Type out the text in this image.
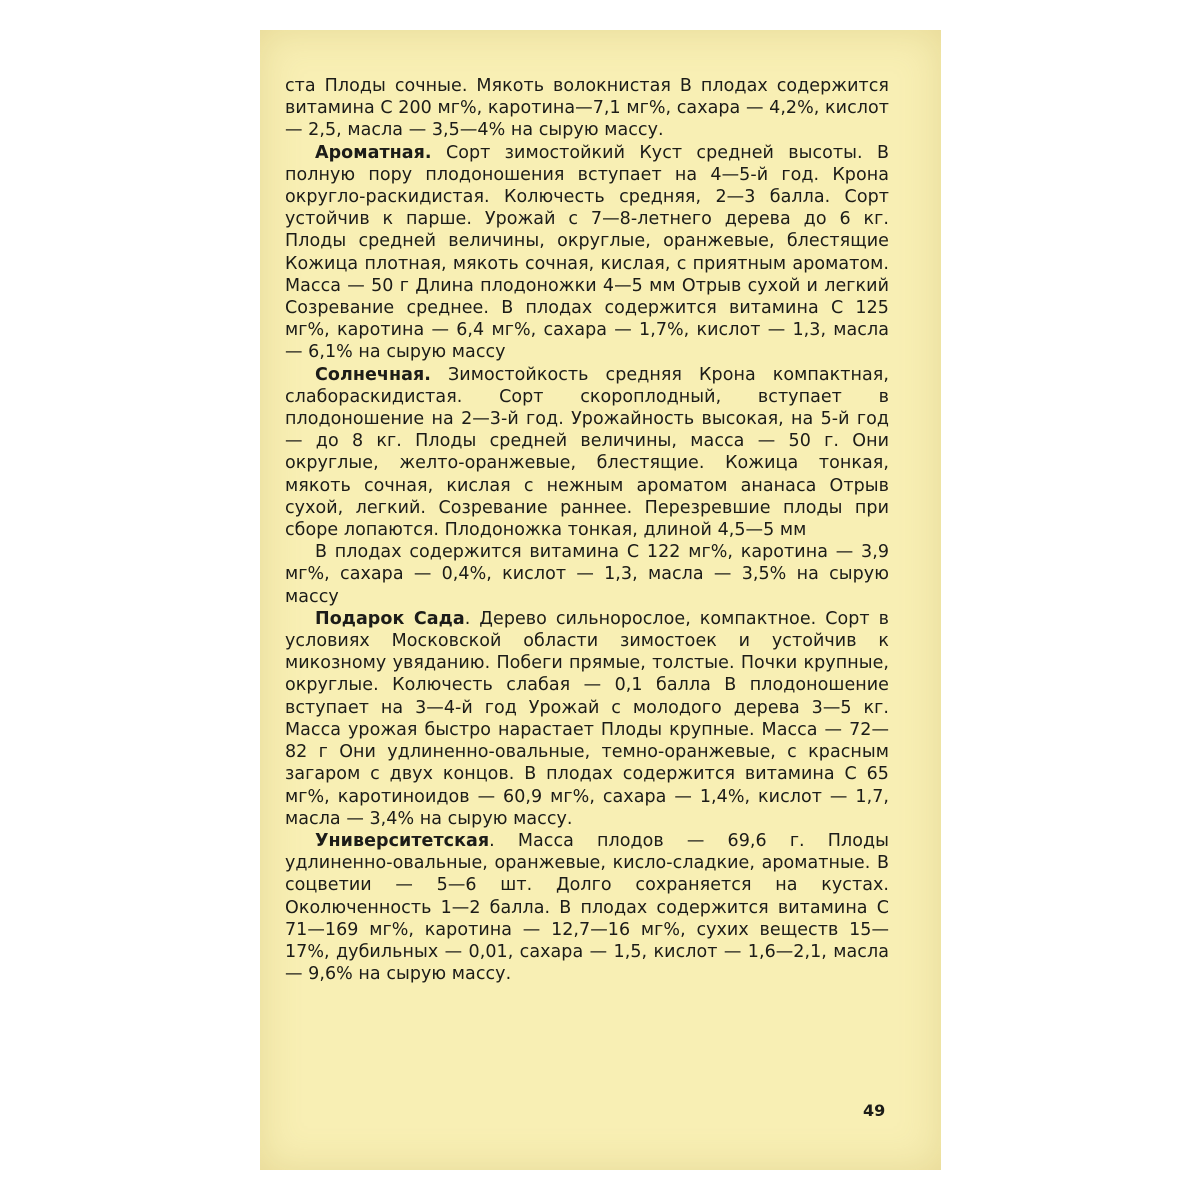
ста Плоды сочные. Мякоть волокнистая В плодах содержится витамина С 200 мг%, каротина—7,1 мг%, сахара — 4,2%, кислот — 2,5, масла — 3,5—4% на сырую массу.

Ароматная. Сорт зимостойкий Куст средней высоты. В полную пору плодоношения вступает на 4—5-й год. Крона округло-раскидистая. Колючесть средняя, 2—3 балла. Сорт устойчив к парше. Урожай с 7—8-летнего дерева до 6 кг. Плоды средней величины, округлые, оранжевые, блестящие Кожица плотная, мякоть сочная, кислая, с приятным ароматом. Масса — 50 г Длина плодоножки 4—5 мм Отрыв сухой и легкий Созревание среднее. В плодах содержится витамина С 125 мг%, каротина — 6,4 мг%, сахара — 1,7%, кислот — 1,3, масла — 6,1% на сырую массу

Солнечная. Зимостойкость средняя Крона компактная, слабораскидистая. Сорт скороплодный, вступает в плодоношение на 2—3-й год. Урожайность высокая, на 5-й год — до 8 кг. Плоды средней величины, масса — 50 г. Они округлые, желто-оранжевые, блестящие. Кожица тонкая, мякоть сочная, кислая с нежным ароматом ананаса Отрыв сухой, легкий. Созревание раннее. Перезревшие плоды при сборе лопаются. Плодоножка тонкая, длиной 4,5—5 мм

В плодах содержится витамина С 122 мг%, каротина — 3,9 мг%, сахара — 0,4%, кислот — 1,3, масла — 3,5% на сырую массу

Подарок Сада. Дерево сильнорослое, компактное. Сорт в условиях Московской области зимостоек и устойчив к микозному увяданию. Побеги прямые, толстые. Почки крупные, округлые. Колючесть слабая — 0,1 балла В плодоношение вступает на 3—4-й год Урожай с молодого дерева 3—5 кг. Масса урожая быстро нарастает Плоды крупные. Масса — 72—82 г Они удлиненно-овальные, темно-оранжевые, с красным загаром с двух концов. В плодах содержится витамина С 65 мг%, каротиноидов — 60,9 мг%, сахара — 1,4%, кислот — 1,7, масла — 3,4% на сырую массу.

Университетская. Масса плодов — 69,6 г. Плоды удлиненно-овальные, оранжевые, кисло-сладкие, ароматные. В соцветии — 5—6 шт. Долго сохраняется на кустах. Околюченность 1—2 балла. В плодах содержится витамина С 71—169 мг%, каротина — 12,7—16 мг%, сухих веществ 15—17%, дубильных — 0,01, сахара — 1,5, кислот — 1,6—2,1, масла — 9,6% на сырую массу.

49
